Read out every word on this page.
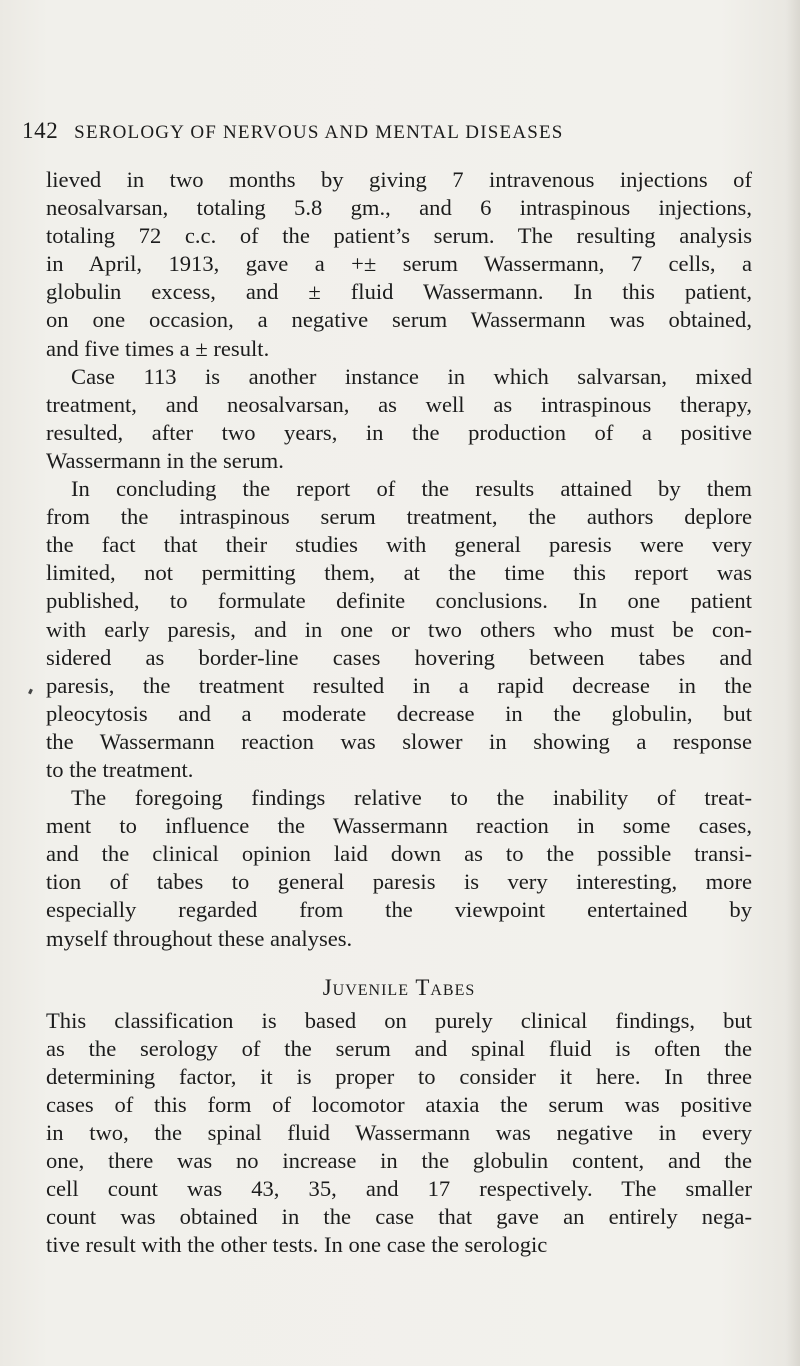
142 SEROLOGY OF NERVOUS AND MENTAL DISEASES

lieved in two months by giving 7 intravenous injections of

neosalvarsan, totaling 5.8 gm., and 6 intraspinous injections,

totaling 72 c.c. of the patient’s serum. The resulting analysis

in April, 1913, gave a +± serum Wassermann, 7 cells, a

globulin excess, and ± fluid Wassermann. In this patient,

on one occasion, a negative serum Wassermann was obtained,

and five times a ± result.

Case 113 is another instance in which salvarsan, mixed

treatment, and neosalvarsan, as well as intraspinous therapy,

resulted, after two years, in the production of a positive

Wassermann in the serum.

In concluding the report of the results attained by them

from the intraspinous serum treatment, the authors deplore

the fact that their studies with general paresis were very

limited, not permitting them, at the time this report was

published, to formulate definite conclusions. In one patient

with early paresis, and in one or two others who must be con-

sidered as border-line cases hovering between tabes and

paresis, the treatment resulted in a rapid decrease in the

pleocytosis and a moderate decrease in the globulin, but

the Wassermann reaction was slower in showing a response

to the treatment.

The foregoing findings relative to the inability of treat-

ment to influence the Wassermann reaction in some cases,

and the clinical opinion laid down as to the possible transi-

tion of tabes to general paresis is very interesting, more

especially regarded from the viewpoint entertained by

myself throughout these analyses.

Juvenile Tabes

This classification is based on purely clinical findings, but

as the serology of the serum and spinal fluid is often the

determining factor, it is proper to consider it here. In three

cases of this form of locomotor ataxia the serum was positive

in two, the spinal fluid Wassermann was negative in every

one, there was no increase in the globulin content, and the

cell count was 43, 35, and 17 respectively. The smaller

count was obtained in the case that gave an entirely nega-

tive result with the other tests. In one case the serologic
